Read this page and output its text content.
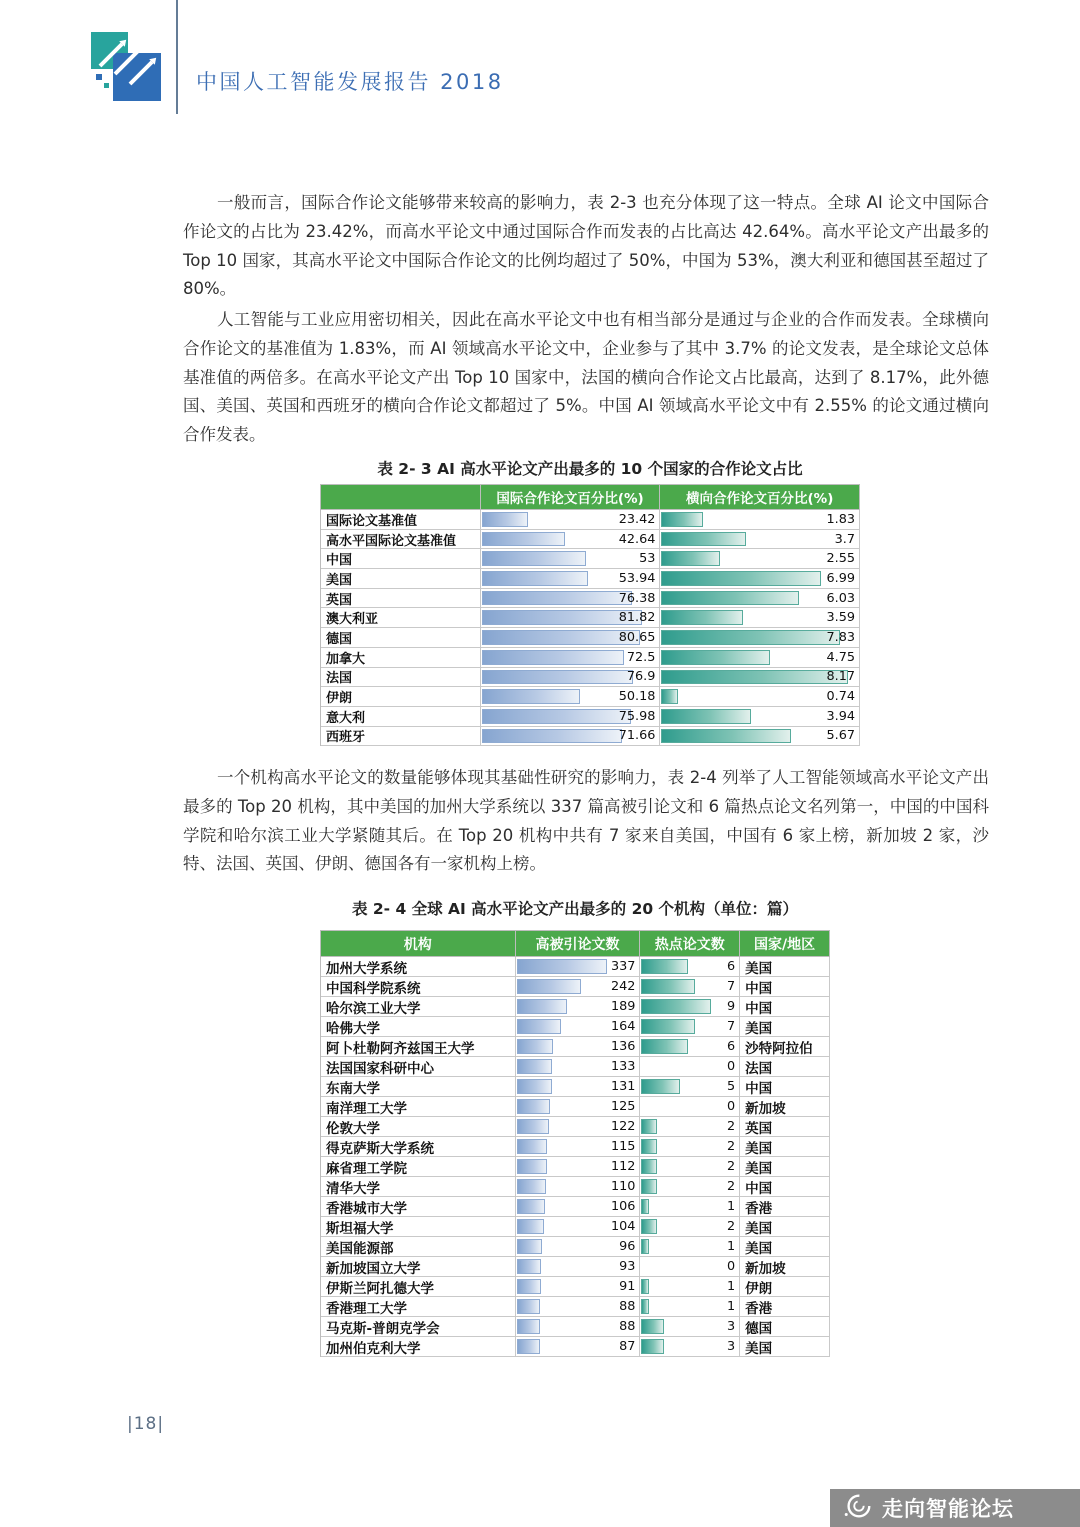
中国人工智能发展报告 2018

一般而言，国际合作论文能够带来较高的影响力，表 2-3 也充分体现了这一特点。全球 AI 论文中国际合作论文的占比为 23.42%，而高水平论文中通过国际合作而发表的占比高达 42.64%。高水平论文产出最多的 Top 10 国家，其高水平论文中国际合作论文的比例均超过了 50%，中国为 53%，澳大利亚和德国甚至超过了 80%。

人工智能与工业应用密切相关，因此在高水平论文中也有相当部分是通过与企业的合作而发表。全球横向合作论文的基准值为 1.83%，而 AI 领域高水平论文中，企业参与了其中 3.7% 的论文发表，是全球论文总体基准值的两倍多。在高水平论文产出 Top 10 国家中，法国的横向合作论文占比最高，达到了 8.17%，此外德国、美国、英国和西班牙的横向合作论文都超过了 5%。中国 AI 领域高水平论文中有 2.55% 的论文通过横向合作发表。

表 2- 3 AI 高水平论文产出最多的 10 个国家的合作论文占比
国际合作论文百分比(%)	横向合作论文百分比(%)
国际论文基准值	23.42	1.83
高水平国际论文基准值	42.64	3.7
中国	53	2.55
美国	53.94	6.99
英国	76.38	6.03
澳大利亚	81.82	3.59
德国	80.65	7.83
加拿大	72.5	4.75
法国	76.9	8.17
伊朗	50.18	0.74
意大利	75.98	3.94
西班牙	71.66	5.67

一个机构高水平论文的数量能够体现其基础性研究的影响力，表 2-4 列举了人工智能领域高水平论文产出最多的 Top 20 机构，其中美国的加州大学系统以 337 篇高被引论文和 6 篇热点论文名列第一，中国的中国科学院和哈尔滨工业大学紧随其后。在 Top 20 机构中共有 7 家来自美国，中国有 6 家上榜，新加坡 2 家，沙特、法国、英国、伊朗、德国各有一家机构上榜。

表 2- 4 全球 AI 高水平论文产出最多的 20 个机构（单位：篇）
机构	高被引论文数	热点论文数	国家/地区
加州大学系统	337	6 美国
中国科学院系统	242	7 中国
哈尔滨工业大学	189	9 中国
哈佛大学	164	7 美国
阿卜杜勒阿齐兹国王大学	136	6 沙特阿拉伯
法国国家科研中心	133	0 法国
东南大学	131	5 中国
南洋理工大学	125	0 新加坡
伦敦大学	122	2 英国
得克萨斯大学系统	115	2 美国
麻省理工学院	112	2 美国
清华大学	110	2 中国
香港城市大学	106	1 香港
斯坦福大学	104	2 美国
美国能源部	96	1 美国
新加坡国立大学	93	0 新加坡
伊斯兰阿扎德大学	91	1 伊朗
香港理工大学	88	1 香港
马克斯-普朗克学会	88	3 德国
加州伯克利大学	87	3 美国
|18|
走向智能论坛
